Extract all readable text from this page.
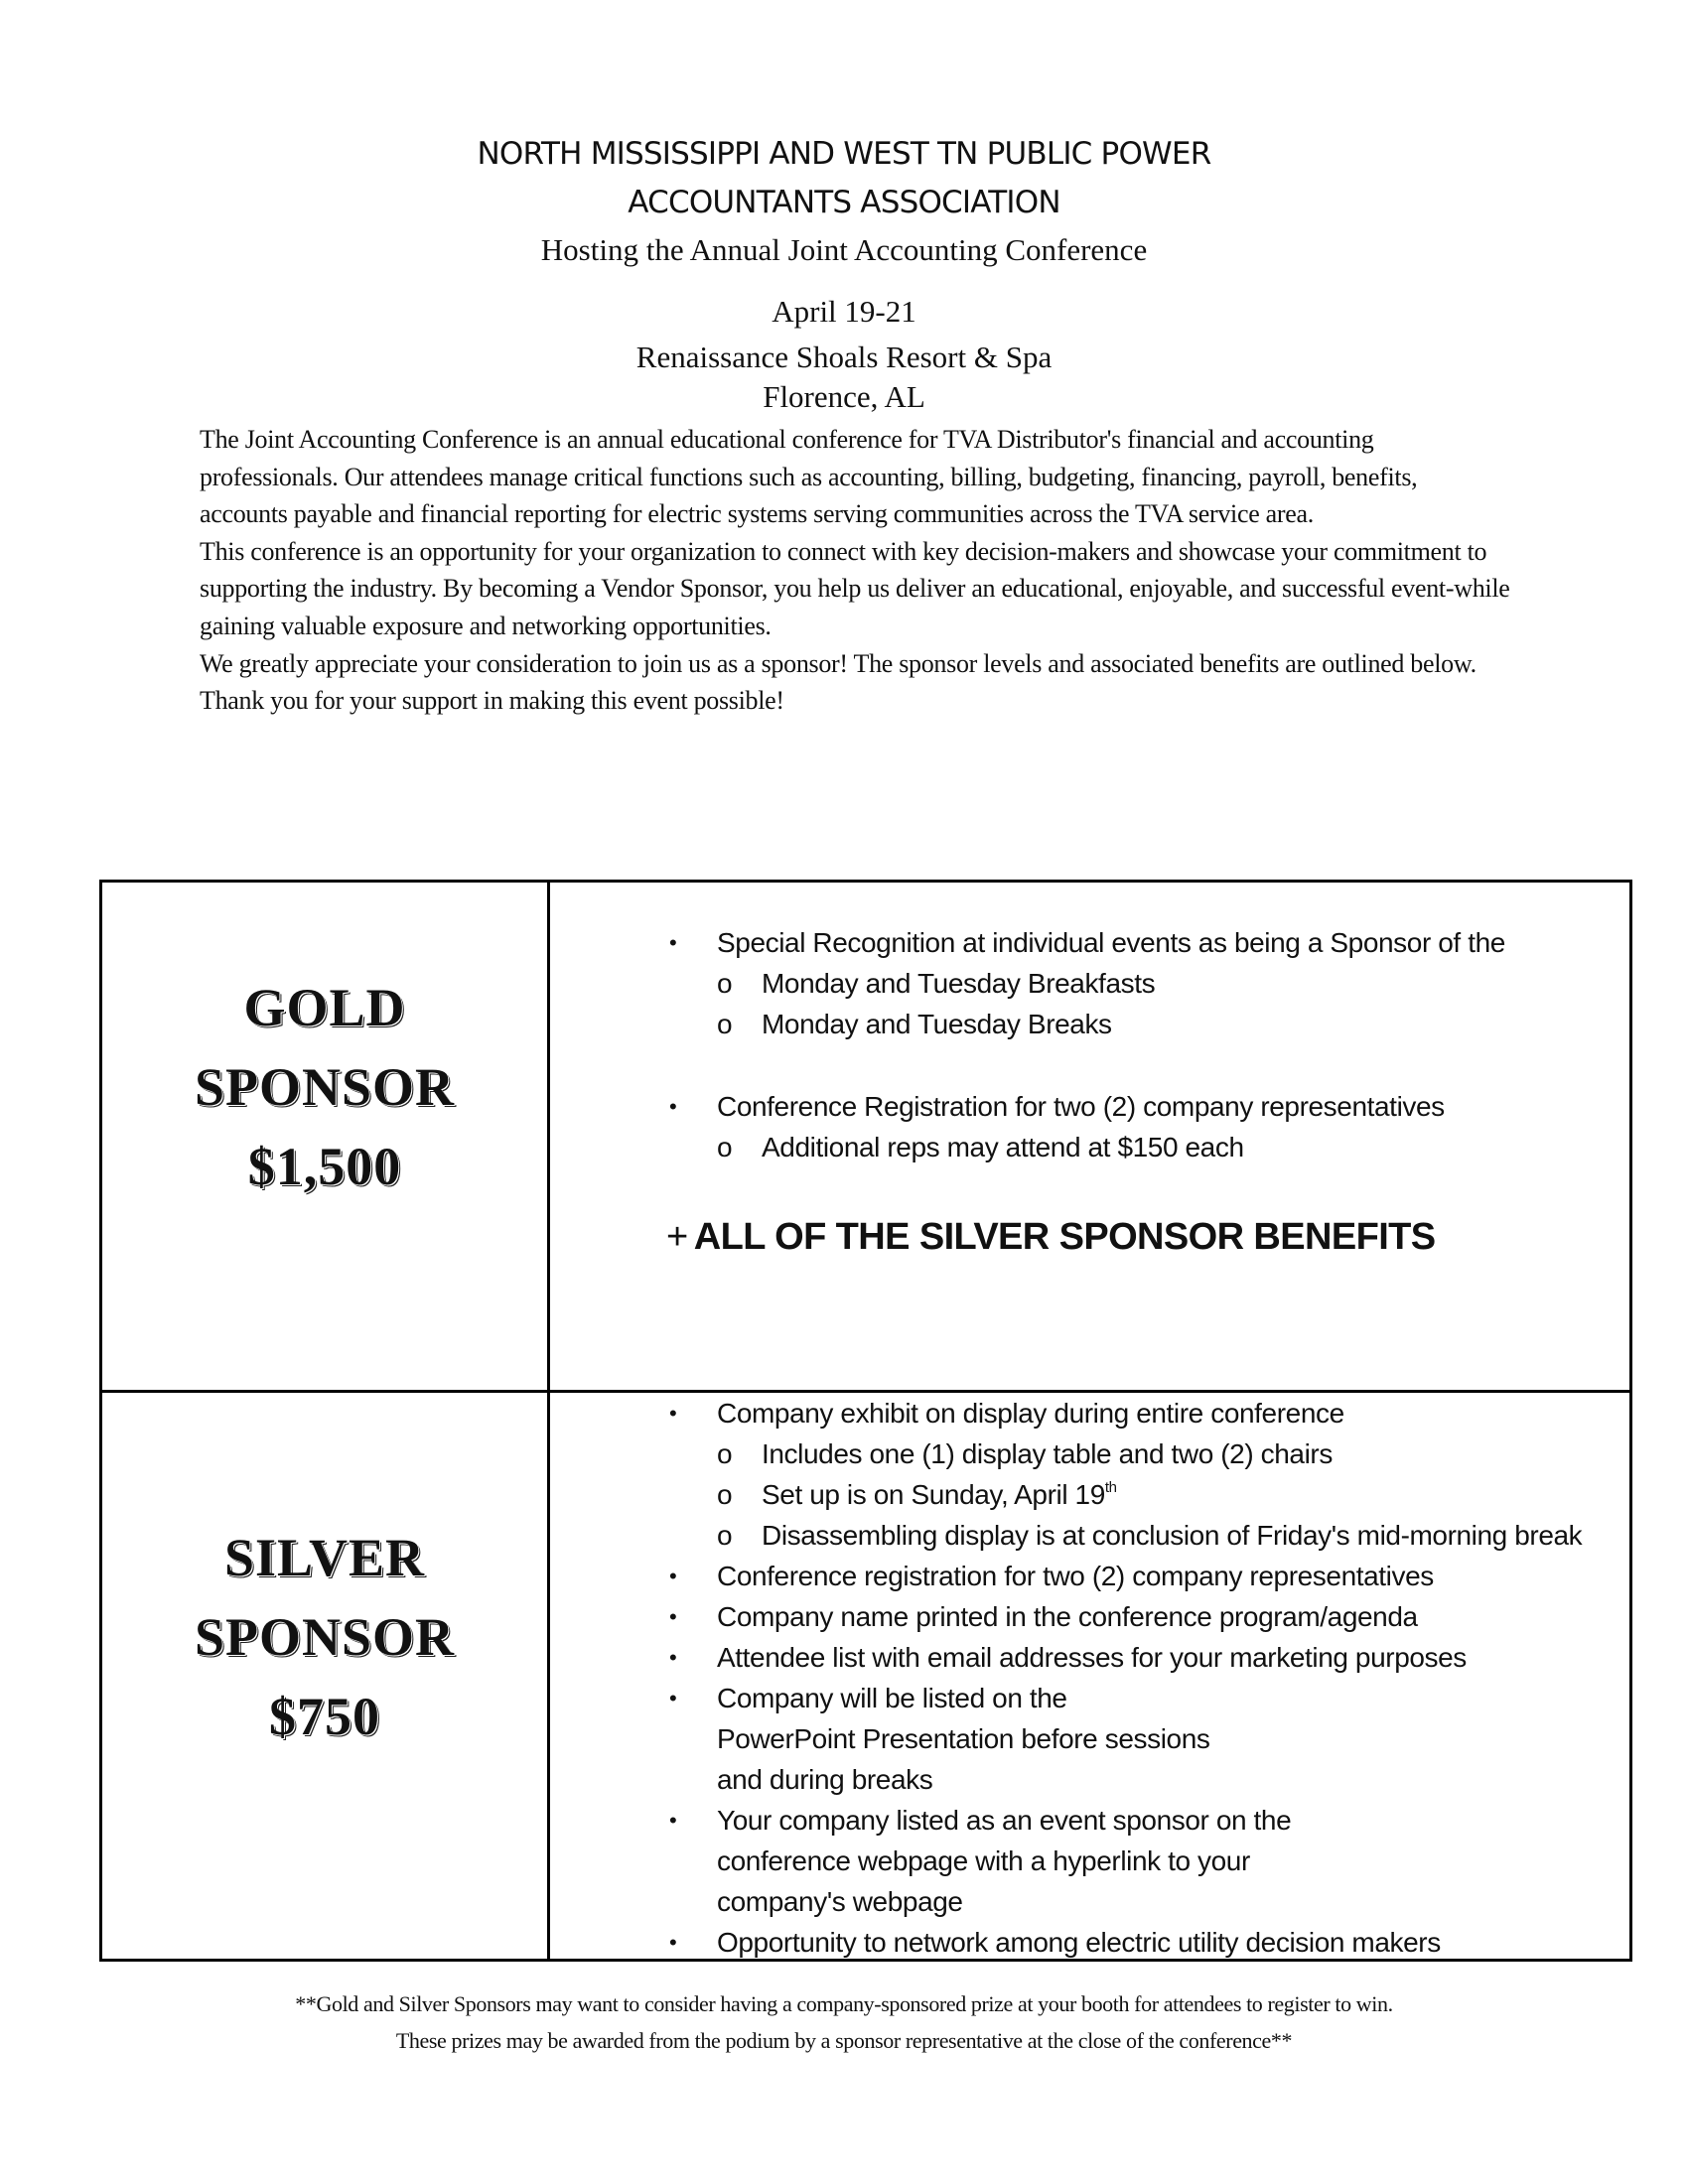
NORTH MISSISSIPPI AND WEST TN PUBLIC POWER
ACCOUNTANTS ASSOCIATION
Hosting the Annual Joint Accounting Conference
April 19-21
Renaissance Shoals Resort & Spa
Florence, AL

The Joint Accounting Conference is an annual educational conference for TVA Distributor's financial and accounting professionals. Our attendees manage critical functions such as accounting, billing, budgeting, financing, payroll, benefits, accounts payable and financial reporting for electric systems serving communities across the TVA service area.

This conference is an opportunity for your organization to connect with key decision-makers and showcase your commitment to supporting the industry. By becoming a Vendor Sponsor, you help us deliver an educational, enjoyable, and successful event-while gaining valuable exposure and networking opportunities.

We greatly appreciate your consideration to join us as a sponsor! The sponsor levels and associated benefits are outlined below.

Thank you for your support in making this event possible!

GOLD
SPONSOR
$1,500
• Special Recognition at individual events as being a Sponsor of the
o Monday and Tuesday Breakfasts
o Monday and Tuesday Breaks
• Conference Registration for two (2) company representatives
o Additional reps may attend at $150 each
+ ALL OF THE SILVER SPONSOR BENEFITS
SILVER
SPONSOR
$750
• Company exhibit on display during entire conference
o Includes one (1) display table and two (2) chairs
o Set up is on Sunday, April 19th
o Disassembling display is at conclusion of Friday's mid-morning break
• Conference registration for two (2) company representatives
• Company name printed in the conference program/agenda
• Attendee list with email addresses for your marketing purposes
• Company will be listed on the PowerPoint Presentation before sessions and during breaks
• Your company listed as an event sponsor on the conference webpage with a hyperlink to your company's webpage
• Opportunity to network among electric utility decision makers
**Gold and Silver Sponsors may want to consider having a company-sponsored prize at your booth for attendees to register to win.
These prizes may be awarded from the podium by a sponsor representative at the close of the conference**
